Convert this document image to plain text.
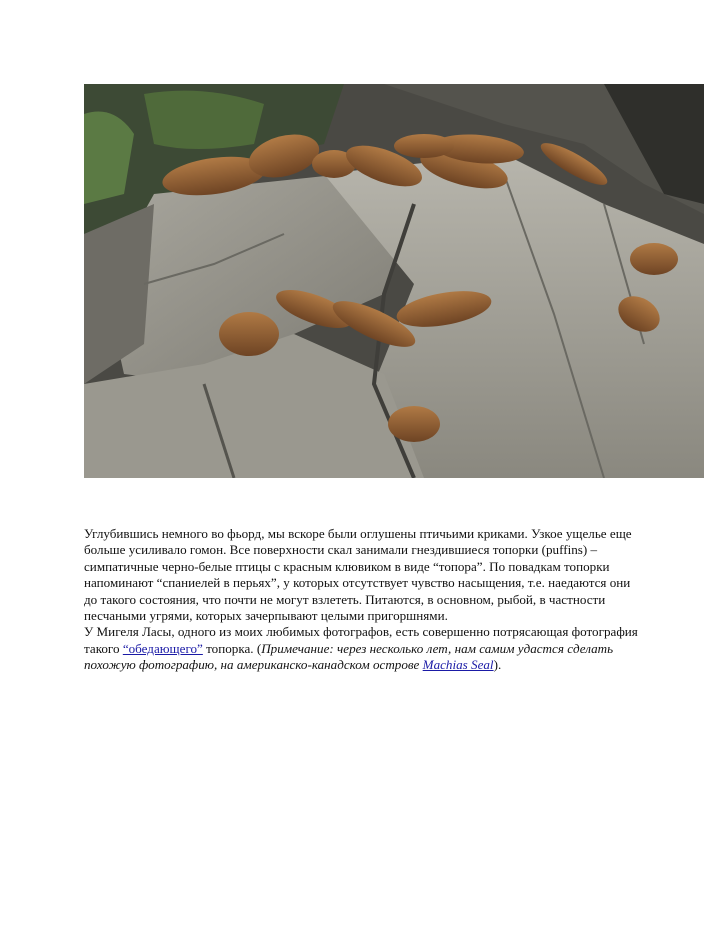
Углубившись немного во фьорд, мы вскоре были оглушены птичьими криками. Узкое ущелье еще больше усиливало гомон. Все поверхности скал занимали гнездившиеся топорки (puffins) – симпатичные черно-белые птицы с красным клювиком в виде “топора”. По повадкам топорки напоминают “спаниелей в перьях”, у которых отсутствует чувство насыщения, т.е. наедаются они до такого состояния, что почти не могут взлететь. Питаются, в основном, рыбой, в частности песчаными угрями, которых зачерпывают целыми пригоршнями.

У Мигеля Ласы, одного из моих любимых фотографов, есть совершенно потрясающая фотография такого “обедающего” топорка. (Примечание: через несколько лет, нам самим удастся сделать похожую фотографию, на американско-канадском острове Machias Seal).
